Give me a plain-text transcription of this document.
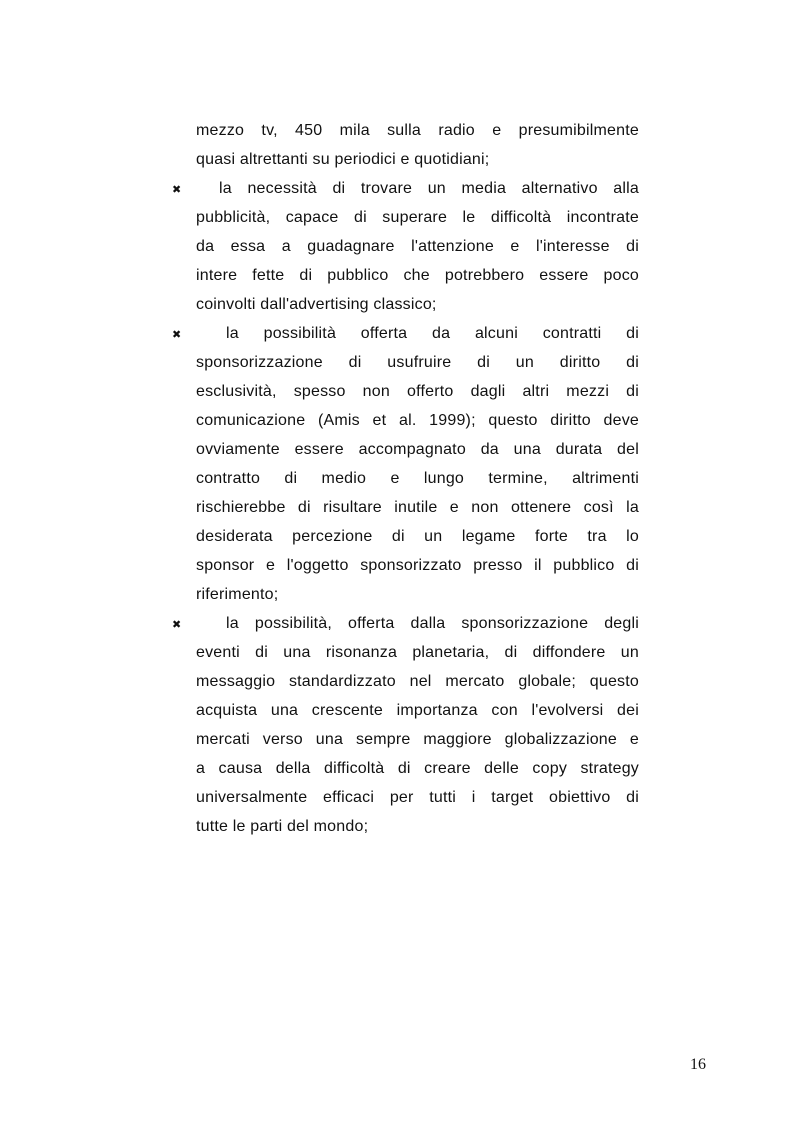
mezzo tv, 450 mila sulla radio e presumibilmente
quasi altrettanti su periodici e quotidiani;
✖ la necessità di trovare un media alternativo alla
pubblicità, capace di superare le difficoltà incontrate
da essa a guadagnare l'attenzione e l'interesse di
intere fette di pubblico che potrebbero essere poco
coinvolti dall'advertising classico;
✖	la possibilità offerta da alcuni contratti di
sponsorizzazione di usufruire di un diritto di
esclusività, spesso non offerto dagli altri mezzi di
comunicazione (Amis et al. 1999); questo diritto deve
ovviamente essere accompagnato da una durata del
contratto di medio e lungo termine, altrimenti
rischierebbe di risultare inutile e non ottenere così la
desiderata percezione di un legame forte tra lo
sponsor e l'oggetto sponsorizzato presso il pubblico di
riferimento;
✖	la possibilità, offerta dalla sponsorizzazione degli
eventi di una risonanza planetaria, di diffondere un
messaggio standardizzato nel mercato globale; questo
acquista una crescente importanza con l'evolversi dei
mercati verso una sempre maggiore globalizzazione e
a causa della difficoltà di creare delle copy strategy
universalmente efficaci per tutti i target obiettivo di
tutte le parti del mondo;
16
